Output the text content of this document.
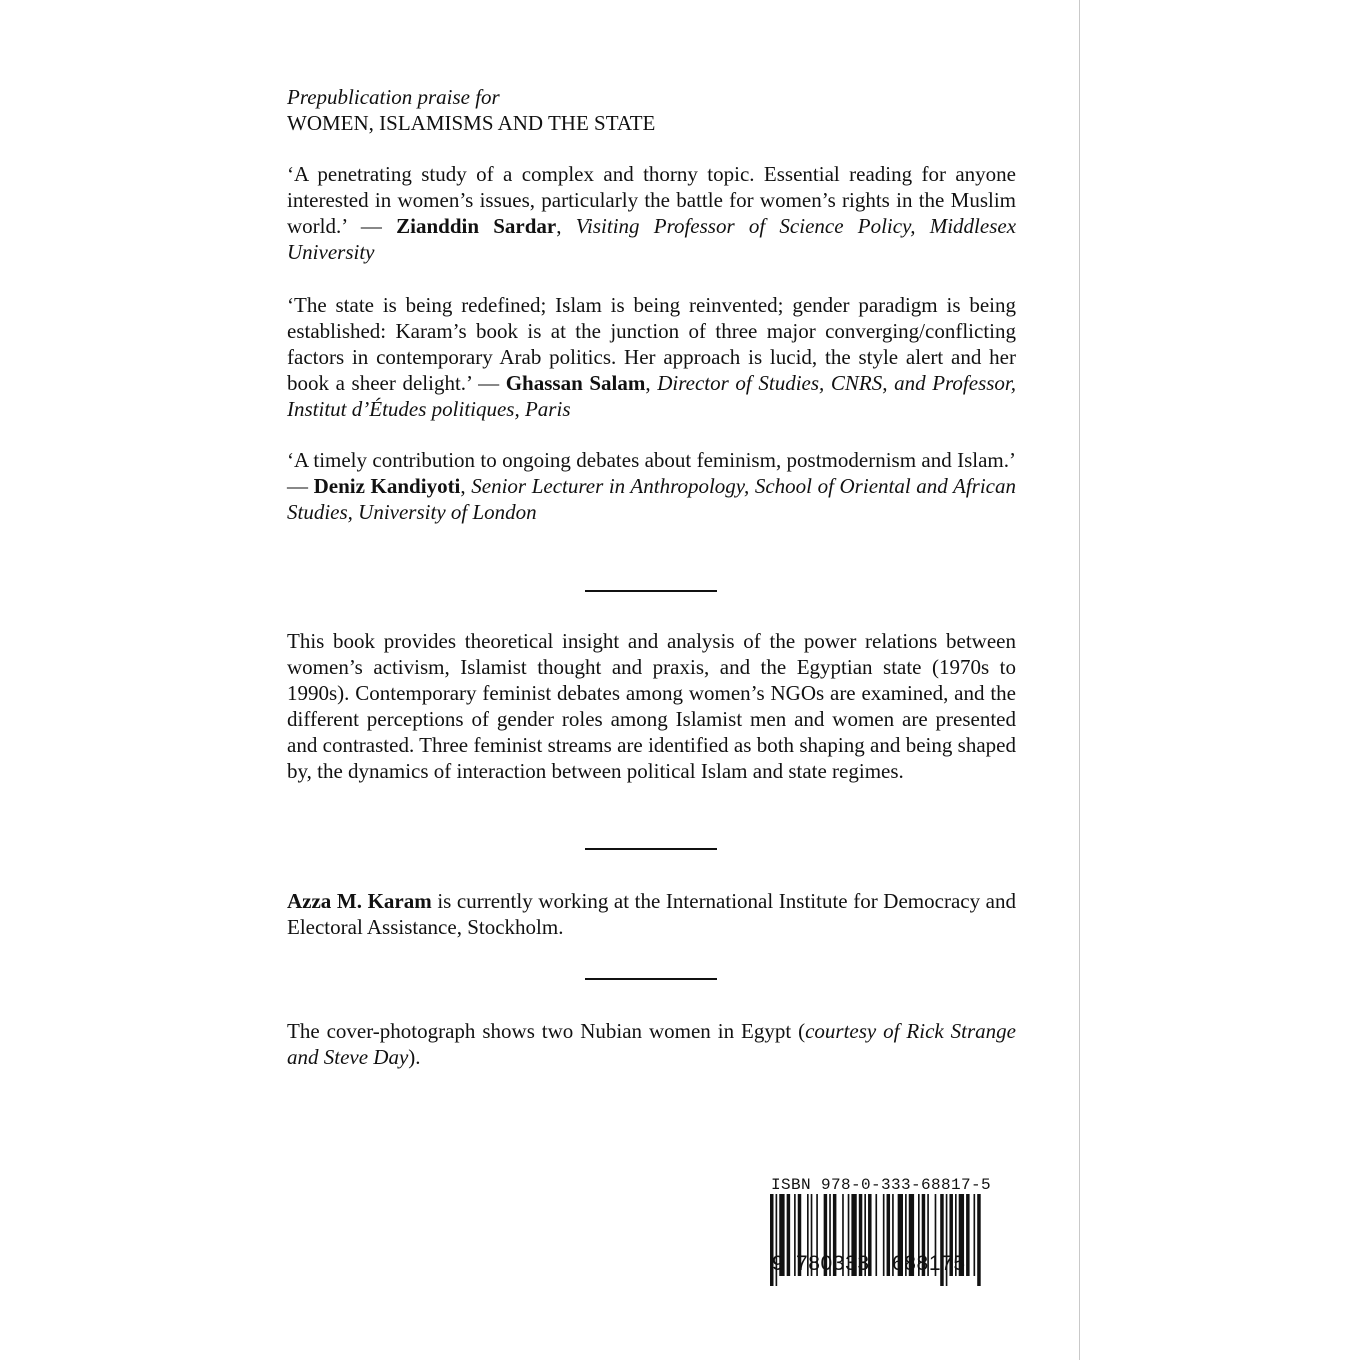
Prepublication praise for
WOMEN, ISLAMISMS AND THE STATE
‘A penetrating study of a complex and thorny topic. Essential reading for anyone interested in women’s issues, particularly the battle for women’s rights in the Muslim world.’ — Zianddin Sardar, Visiting Professor of Science Policy, Middlesex University
‘The state is being redefined; Islam is being reinvented; gender paradigm is being established: Karam’s book is at the junction of three major converging/conflicting factors in contemporary Arab politics. Her approach is lucid, the style alert and her book a sheer delight.’ — Ghassan Salam, Director of Studies, CNRS, and Professor, Institut d’Études politiques, Paris
‘A timely contribution to ongoing debates about feminism, postmodernism and Islam.’ — Deniz Kandiyoti, Senior Lecturer in Anthropology, School of Oriental and African Studies, University of London
This book provides theoretical insight and analysis of the power relations between women’s activism, Islamist thought and praxis, and the Egyptian state (1970s to 1990s). Contemporary feminist debates among women’s NGOs are examined, and the different perceptions of gender roles among Islamist men and women are presented and contrasted. Three feminist streams are identified as both shaping and being shaped by, the dynamics of interaction between political Islam and state regimes.
Azza M. Karam is currently working at the International Institute for Democracy and Electoral Assistance, Stockholm.
The cover-photograph shows two Nubian women in Egypt (courtesy of Rick Strange and Steve Day).
ISBN 978-0-333-68817-5
9 780333 688175
